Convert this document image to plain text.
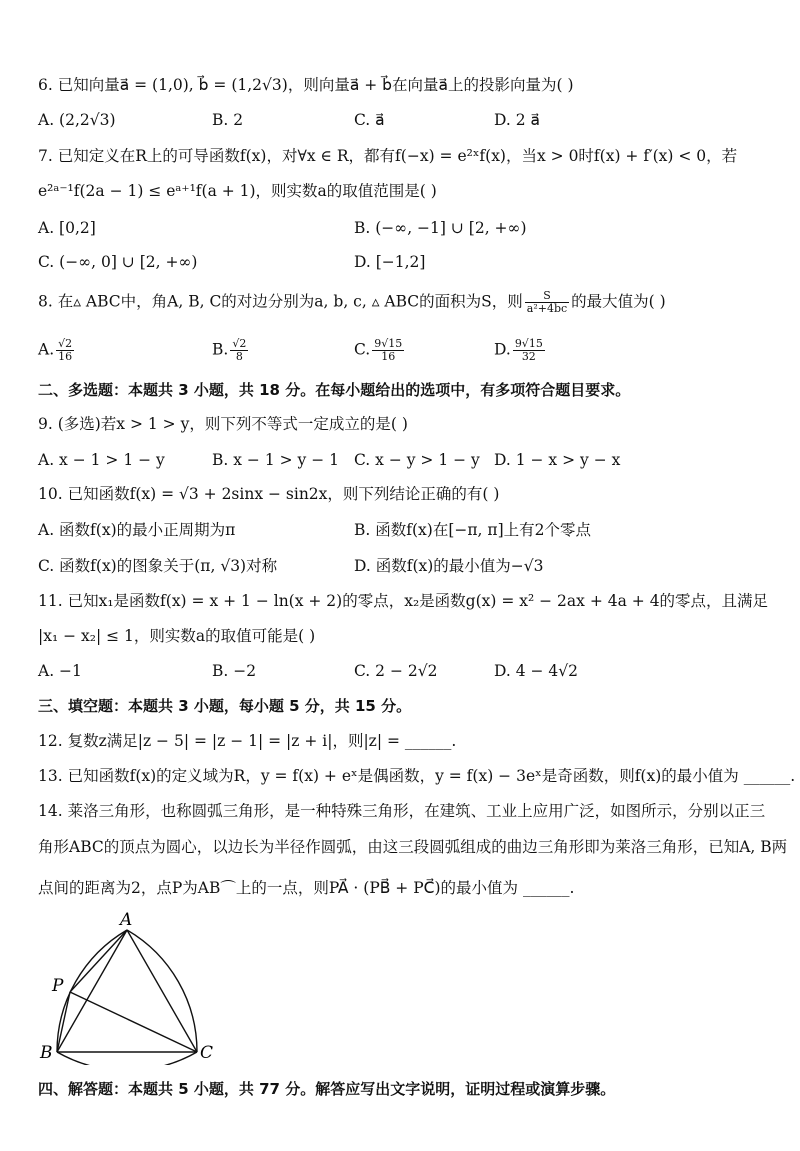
6. 已知向量a⃗ = (1,0), b⃗ = (1,2√3)，则向量a⃗ + b⃗在向量a⃗上的投影向量为( )
A. (2,2√3)	B. 2	C. a⃗	D. 2 a⃗
7. 已知定义在R上的可导函数f(x)，对∀x ∈ R，都有f(−x) = e²ˣf(x)，当x > 0时f(x) + f′(x) < 0，若
e²ᵃ⁻¹f(2a − 1) ≤ eᵃ⁺¹f(a + 1)，则实数a的取值范围是( )
A. [0,2]	B. (−∞, −1] ∪ [2, +∞)
C. (−∞, 0] ∪ [2, +∞)	D. [−1,2]
8. 在▵ ABC中，角A, B, C的对边分别为a, b, c, ▵ ABC的面积为S，则 $\frac{S}{\text{a²+4bc}}$ 的最大值为( )
A. $\frac{√2}{16}$	B. $\frac{√2}{8}$	C. $\frac{9√15}{16}$	D. $\frac{9√15}{32}$
二、多选题：本题共 3 小题，共 18 分。在每小题给出的选项中，有多项符合题目要求。
9. (多选)若x > 1 > y，则下列不等式一定成立的是( )
A. x − 1 > 1 − y	B. x − 1 > y − 1 C. x − y > 1 − y D. 1 − x > y − x
10. 已知函数f(x) = √3 + 2sinx − sin2x，则下列结论正确的有( )
A. 函数f(x)的最小正周期为π	B. 函数f(x)在[−π, π]上有2个零点
C. 函数f(x)的图象关于(π, √3)对称	D. 函数f(x)的最小值为−√3
11. 已知x₁是函数f(x) = x + 1 − ln(x + 2)的零点，x₂是函数g(x) = x² − 2ax + 4a + 4的零点，且满足
|x₁ − x₂| ≤ 1，则实数a的取值可能是( )
A. −1	B. −2	C. 2 − 2√2	D. 4 − 4√2
三、填空题：本题共 3 小题，每小题 5 分，共 15 分。
12. 复数z满足|z − 5| = |z − 1| = |z + i|，则|z| = ______.
13. 已知函数f(x)的定义域为R，y = f(x) + eˣ是偶函数，y = f(x) − 3eˣ是奇函数，则f(x)的最小值为 ______.
14. 莱洛三角形，也称圆弧三角形，是一种特殊三角形，在建筑、工业上应用广泛，如图所示，分别以正三
角形ABC的顶点为圆心，以边长为半径作圆弧，由这三段圆弧组成的曲边三角形即为莱洛三角形，已知A, B两
点间的距离为2，点P为AB⌒上的一点，则PA⃗ · (PB⃗ + PC⃗)的最小值为 ______.
A
B	C
P
四、解答题：本题共 5 小题，共 77 分。解答应写出文字说明，证明过程或演算步骤。
